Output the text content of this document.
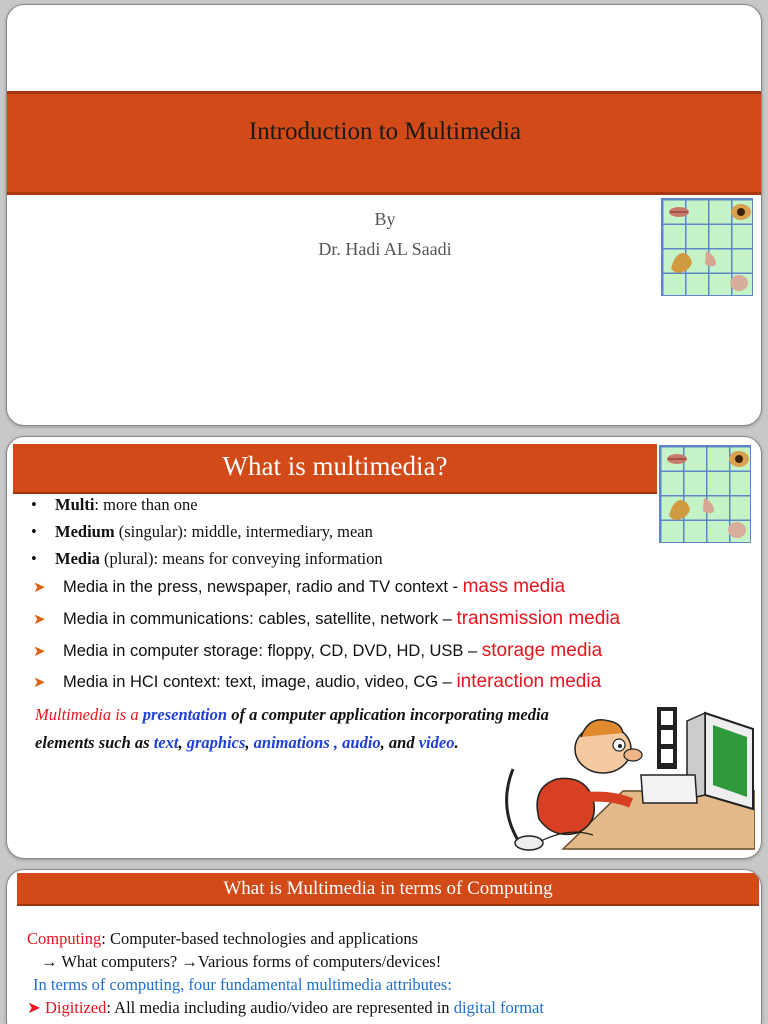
Introduction to Multimedia
By
Dr. Hadi AL Saadi
What is multimedia?
• Multi: more than one
• Medium (singular): middle, intermediary, mean
• Media (plural): means for conveying information
➤ Media in the press, newspaper, radio and TV context - mass media
➤ Media in communications: cables, satellite, network – transmission media
➤ Media in computer storage: floppy, CD, DVD, HD, USB – storage media
➤ Media in HCI context: text, image, audio, video, CG – interaction media
Multimedia is a presentation of a computer application incorporating media elements such as text, graphics, animations , audio, and video.
What is Multimedia in terms of Computing
Computing: Computer-based technologies and applications
→ What computers? →Various forms of computers/devices!
In terms of computing, four fundamental multimedia attributes:
➤ Digitized: All media including audio/video are represented in digital format
